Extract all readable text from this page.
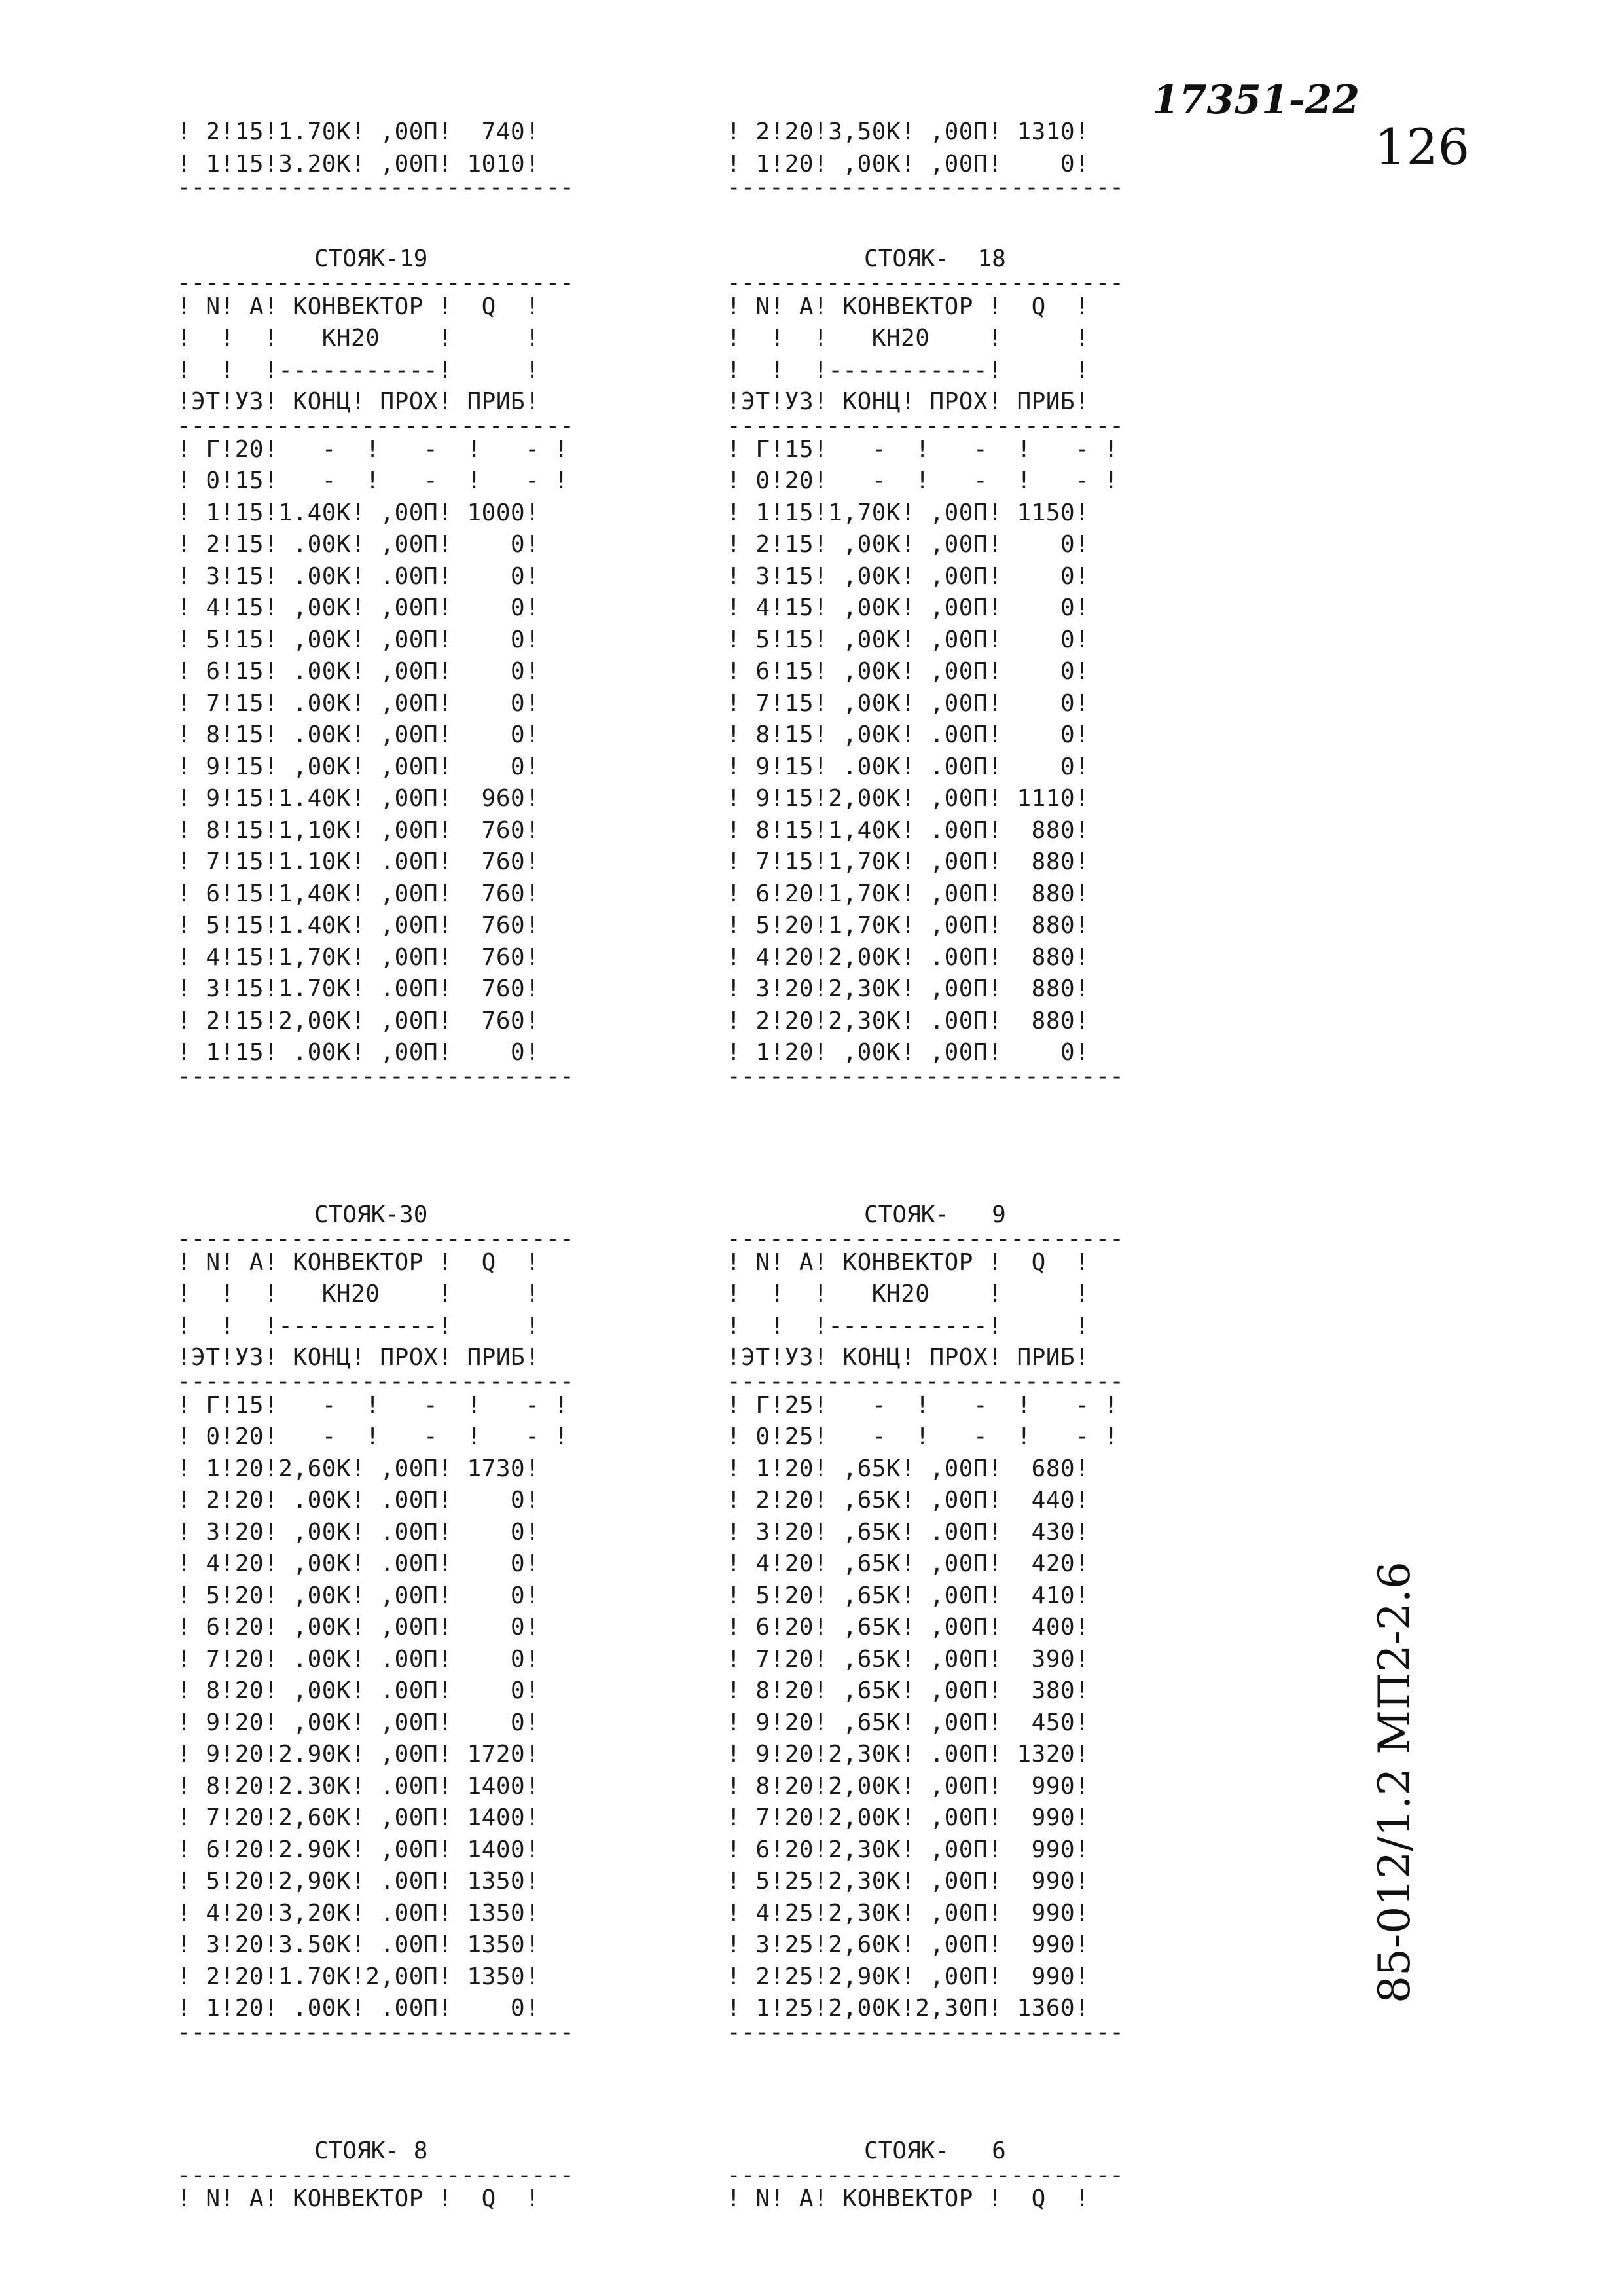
17351-22
126
85-012/1.2 МП2-2.6
! 2!15!1.70К! ,00П!  740!
! 1!15!3.20К! ,00П! 1010!
----------------------------
! 2!20!3,50К! ,00П! 1310!
! 1!20! ,00К! ,00П!    0!
----------------------------
СТОЯК-19
----------------------------
! N! А! КОНВЕКТОР !  Q  !
!  !  !   КН20    !     !
!  !  !-----------!     !
!ЭТ!УЗ! КОНЦ! ПРОХ! ПРИБ!
----------------------------
! Г!20!   -  !   -  !   - !
! 0!15!   -  !   -  !   - !
! 1!15!1.40К! ,00П! 1000!
! 2!15! .00К! ,00П!    0!
! 3!15! .00К! .00П!    0!
! 4!15! ,00К! ,00П!    0!
! 5!15! ,00К! ,00П!    0!
! 6!15! .00К! ,00П!    0!
! 7!15! .00К! ,00П!    0!
! 8!15! .00К! ,00П!    0!
! 9!15! ,00К! ,00П!    0!
! 9!15!1.40К! ,00П!  960!
! 8!15!1,10К! ,00П!  760!
! 7!15!1.10К! .00П!  760!
! 6!15!1,40К! ,00П!  760!
! 5!15!1.40К! ,00П!  760!
! 4!15!1,70К! ,00П!  760!
! 3!15!1.70К! .00П!  760!
! 2!15!2,00К! ,00П!  760!
! 1!15! .00К! ,00П!    0!
----------------------------
СТОЯК-  18
----------------------------
! N! А! КОНВЕКТОР !  Q  !
!  !  !   КН20    !     !
!  !  !-----------!     !
!ЭТ!УЗ! КОНЦ! ПРОХ! ПРИБ!
----------------------------
! Г!15!   -  !   -  !   - !
! 0!20!   -  !   -  !   - !
! 1!15!1,70К! ,00П! 1150!
! 2!15! ,00К! ,00П!    0!
! 3!15! ,00К! ,00П!    0!
! 4!15! ,00К! ,00П!    0!
! 5!15! ,00К! ,00П!    0!
! 6!15! ,00К! ,00П!    0!
! 7!15! ,00К! ,00П!    0!
! 8!15! ,00К! .00П!    0!
! 9!15! .00К! .00П!    0!
! 9!15!2,00К! ,00П! 1110!
! 8!15!1,40К! .00П!  880!
! 7!15!1,70К! ,00П!  880!
! 6!20!1,70К! ,00П!  880!
! 5!20!1,70К! ,00П!  880!
! 4!20!2,00К! .00П!  880!
! 3!20!2,30К! ,00П!  880!
! 2!20!2,30К! .00П!  880!
! 1!20! ,00К! ,00П!    0!
----------------------------
СТОЯК-30
----------------------------
! N! А! КОНВЕКТОР !  Q  !
!  !  !   КН20    !     !
!  !  !-----------!     !
!ЭТ!УЗ! КОНЦ! ПРОХ! ПРИБ!
----------------------------
! Г!15!   -  !   -  !   - !
! 0!20!   -  !   -  !   - !
! 1!20!2,60К! ,00П! 1730!
! 2!20! .00К! .00П!    0!
! 3!20! ,00К! .00П!    0!
! 4!20! ,00К! .00П!    0!
! 5!20! ,00К! ,00П!    0!
! 6!20! ,00К! ,00П!    0!
! 7!20! .00К! .00П!    0!
! 8!20! ,00К! .00П!    0!
! 9!20! ,00К! ,00П!    0!
! 9!20!2.90К! ,00П! 1720!
! 8!20!2.30К! .00П! 1400!
! 7!20!2,60К! ,00П! 1400!
! 6!20!2.90К! ,00П! 1400!
! 5!20!2,90К! .00П! 1350!
! 4!20!3,20К! .00П! 1350!
! 3!20!3.50К! .00П! 1350!
! 2!20!1.70К!2,00П! 1350!
! 1!20! .00К! .00П!    0!
----------------------------
СТОЯК-   9
----------------------------
! N! А! КОНВЕКТОР !  Q  !
!  !  !   КН20    !     !
!  !  !-----------!     !
!ЭТ!УЗ! КОНЦ! ПРОХ! ПРИБ!
----------------------------
! Г!25!   -  !   -  !   - !
! 0!25!   -  !   -  !   - !
! 1!20! ,65К! ,00П!  680!
! 2!20! ,65К! ,00П!  440!
! 3!20! ,65К! .00П!  430!
! 4!20! ,65К! ,00П!  420!
! 5!20! ,65К! ,00П!  410!
! 6!20! ,65К! ,00П!  400!
! 7!20! ,65К! ,00П!  390!
! 8!20! ,65К! ,00П!  380!
! 9!20! ,65К! ,00П!  450!
! 9!20!2,30К! .00П! 1320!
! 8!20!2,00К! ,00П!  990!
! 7!20!2,00К! ,00П!  990!
! 6!20!2,30К! ,00П!  990!
! 5!25!2,30К! ,00П!  990!
! 4!25!2,30К! ,00П!  990!
! 3!25!2,60К! ,00П!  990!
! 2!25!2,90К! ,00П!  990!
! 1!25!2,00К!2,30П! 1360!
----------------------------
СТОЯК- 8
----------------------------
! N! А! КОНВЕКТОР !  Q  !
СТОЯК-   6
----------------------------
! N! А! КОНВЕКТОР !  Q  !
